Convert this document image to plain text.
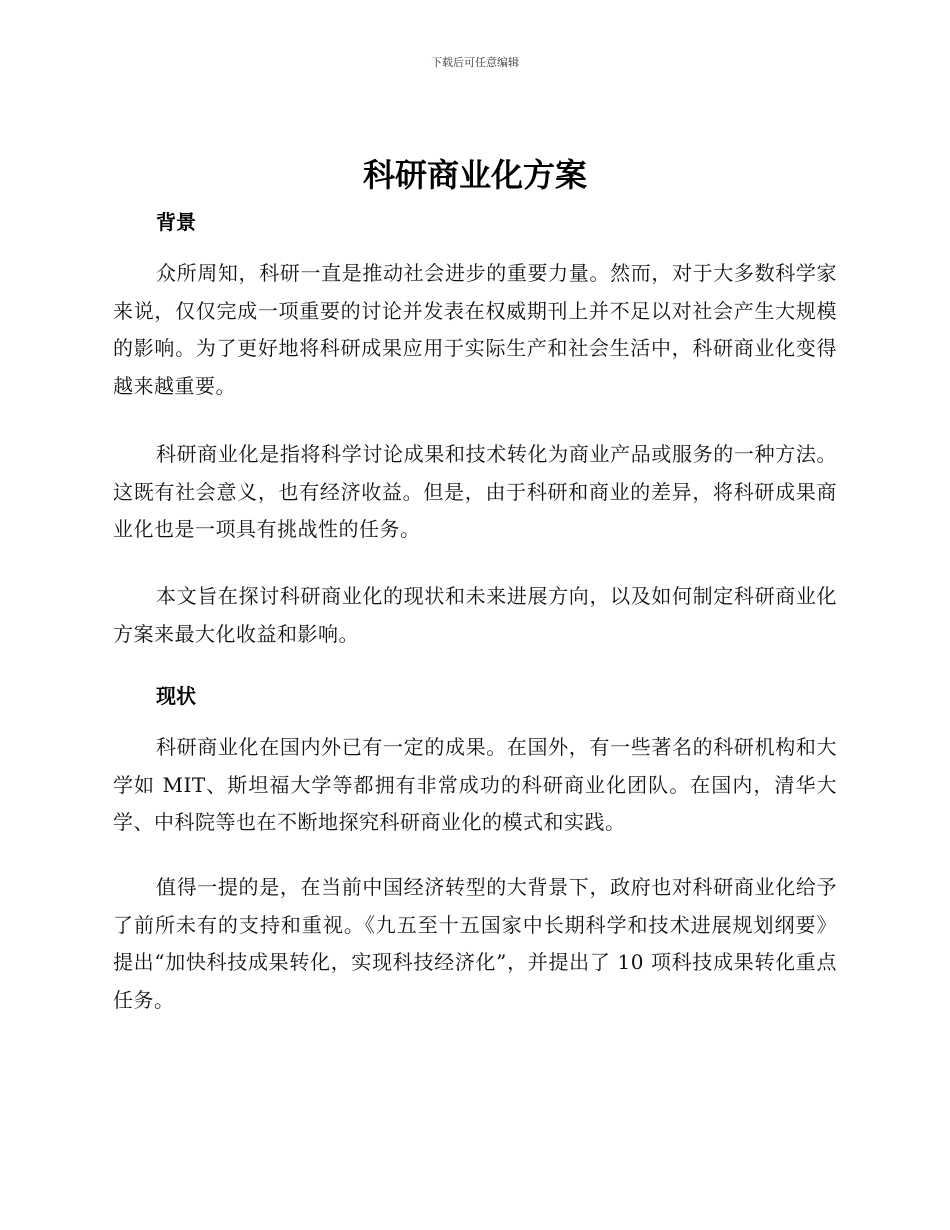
下载后可任意编辑
科研商业化方案
背景

众所周知，科研一直是推动社会进步的重要力量。然而，对于大多数科学家来说，仅仅完成一项重要的讨论并发表在权威期刊上并不足以对社会产生大规模的影响。为了更好地将科研成果应用于实际生产和社会生活中，科研商业化变得越来越重要。

科研商业化是指将科学讨论成果和技术转化为商业产品或服务的一种方法。这既有社会意义，也有经济收益。但是，由于科研和商业的差异，将科研成果商业化也是一项具有挑战性的任务。

本文旨在探讨科研商业化的现状和未来进展方向，以及如何制定科研商业化方案来最大化收益和影响。

现状

科研商业化在国内外已有一定的成果。在国外，有一些著名的科研机构和大学如 MIT、斯坦福大学等都拥有非常成功的科研商业化团队。在国内，清华大学、中科院等也在不断地探究科研商业化的模式和实践。

值得一提的是，在当前中国经济转型的大背景下，政府也对科研商业化给予了前所未有的支持和重视。《九五至十五国家中长期科学和技术进展规划纲要》提出“加快科技成果转化，实现科技经济化”，并提出了 10 项科技成果转化重点任务。
